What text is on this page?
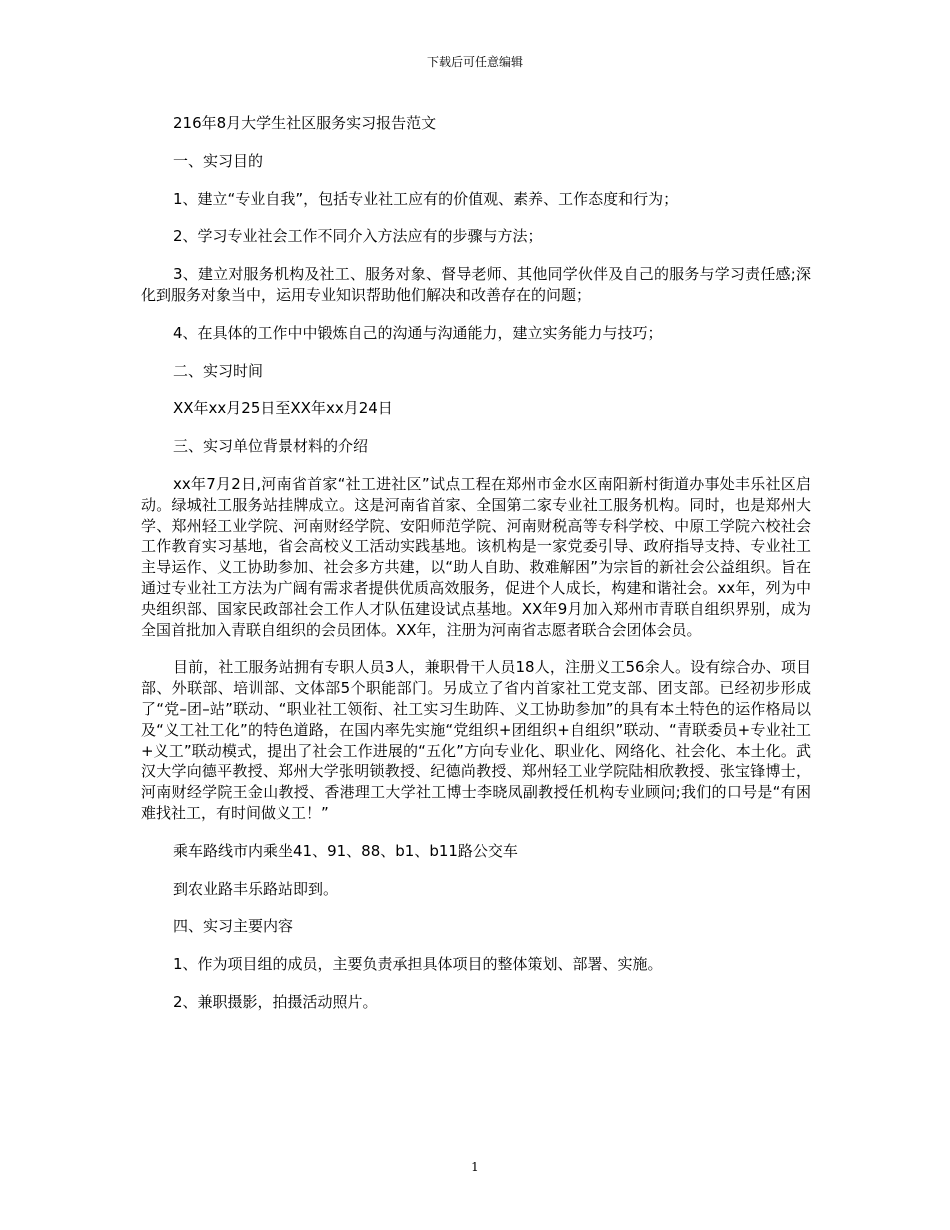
下载后可任意编辑

216年8月大学生社区服务实习报告范文

一、实习目的

1、建立“专业自我”，包括专业社工应有的价值观、素养、工作态度和行为；

2、学习专业社会工作不同介入方法应有的步骤与方法；

3、建立对服务机构及社工、服务对象、督导老师、其他同学伙伴及自己的服务与学习责任感;深化到服务对象当中，运用专业知识帮助他们解决和改善存在的问题；

4、在具体的工作中中锻炼自己的沟通与沟通能力，建立实务能力与技巧；

二、实习时间

XX年xx月25日至XX年xx月24日

三、实习单位背景材料的介绍

xx年7月2日,河南省首家“社工进社区”试点工程在郑州市金水区南阳新村街道办事处丰乐社区启动。绿城社工服务站挂牌成立。这是河南省首家、全国第二家专业社工服务机构。同时，也是郑州大学、郑州轻工业学院、河南财经学院、安阳师范学院、河南财税高等专科学校、中原工学院六校社会工作教育实习基地，省会高校义工活动实践基地。该机构是一家党委引导、政府指导支持、专业社工主导运作、义工协助参加、社会多方共建，以“助人自助、救难解困”为宗旨的新社会公益组织。旨在通过专业社工方法为广阔有需求者提供优质高效服务，促进个人成长，构建和谐社会。xx年，列为中央组织部、国家民政部社会工作人才队伍建设试点基地。XX年9月加入郑州市青联自组织界别，成为全国首批加入青联自组织的会员团体。XX年，注册为河南省志愿者联合会团体会员。

目前，社工服务站拥有专职人员3人，兼职骨干人员18人，注册义工56余人。设有综合办、项目部、外联部、培训部、文体部5个职能部门。另成立了省内首家社工党支部、团支部。已经初步形成了“党–团–站”联动、“职业社工领衔、社工实习生助阵、义工协助参加”的具有本土特色的运作格局以及“义工社工化”的特色道路，在国内率先实施“党组织+团组织+自组织”联动、“青联委员+专业社工+义工”联动模式，提出了社会工作进展的“五化”方向专业化、职业化、网络化、社会化、本土化。武汉大学向德平教授、郑州大学张明锁教授、纪德尚教授、郑州轻工业学院陆相欣教授、张宝锋博士，河南财经学院王金山教授、香港理工大学社工博士李晓凤副教授任机构专业顾问;我们的口号是“有困难找社工，有时间做义工！”

乘车路线市内乘坐41、91、88、b1、b11路公交车

到农业路丰乐路站即到。

四、实习主要内容

1、作为项目组的成员，主要负责承担具体项目的整体策划、部署、实施。

2、兼职摄影，拍摄活动照片。

1
